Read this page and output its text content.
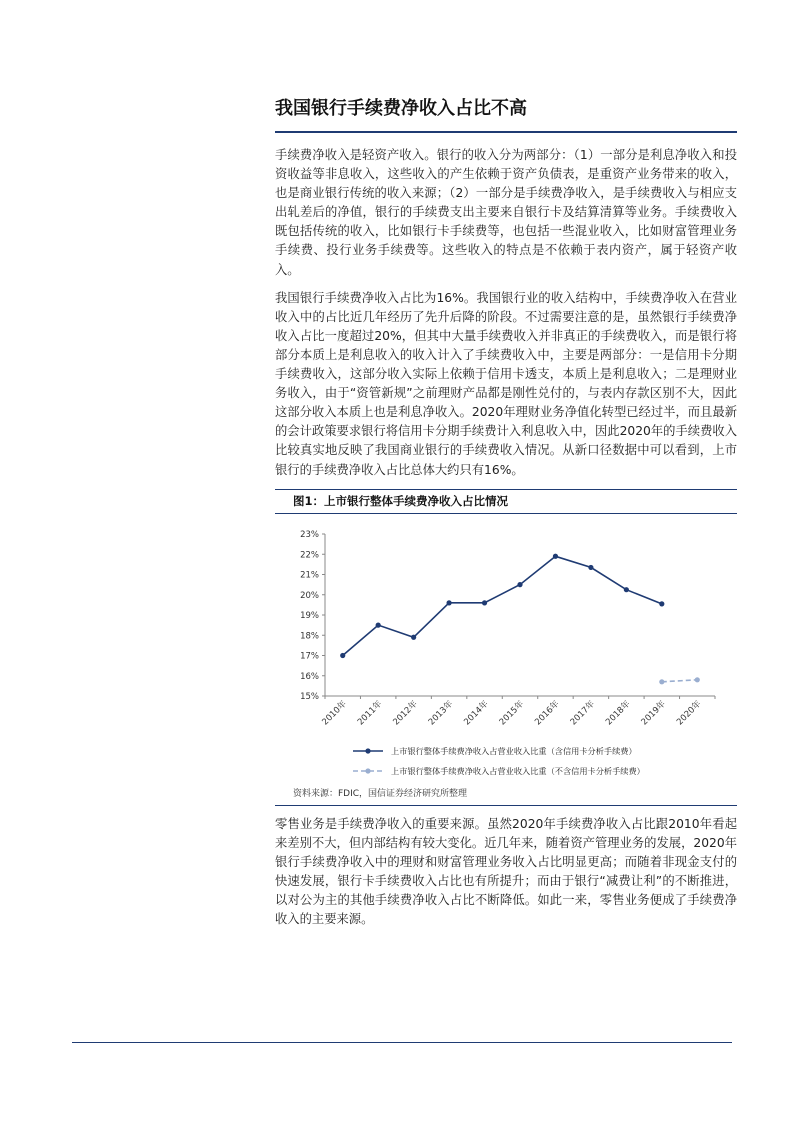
我国银行手续费净收入占比不高

手续费净收入是轻资产收入。银行的收入分为两部分：（1）一部分是利息净收入和投资收益等非息收入，这些收入的产生依赖于资产负债表，是重资产业务带来的收入，也是商业银行传统的收入来源；（2）一部分是手续费净收入，是手续费收入与相应支出轧差后的净值，银行的手续费支出主要来自银行卡及结算清算等业务。手续费收入既包括传统的收入，比如银行卡手续费等，也包括一些混业收入，比如财富管理业务手续费、投行业务手续费等。这些收入的特点是不依赖于表内资产，属于轻资产收入。

我国银行手续费净收入占比为16%。我国银行业的收入结构中，手续费净收入在营业收入中的占比近几年经历了先升后降的阶段。不过需要注意的是，虽然银行手续费净收入占比一度超过20%，但其中大量手续费收入并非真正的手续费收入，而是银行将部分本质上是利息收入的收入计入了手续费收入中，主要是两部分：一是信用卡分期手续费收入，这部分收入实际上依赖于信用卡透支，本质上是利息收入；二是理财业务收入，由于“资管新规”之前理财产品都是刚性兑付的，与表内存款区别不大，因此这部分收入本质上也是利息净收入。2020年理财业务净值化转型已经过半，而且最新的会计政策要求银行将信用卡分期手续费计入利息收入中，因此2020年的手续费收入比较真实地反映了我国商业银行的手续费收入情况。从新口径数据中可以看到，上市银行的手续费净收入占比总体大约只有16%。

图1：上市银行整体手续费净收入占比情况
15%
16%
17%
18%
19%
20%
21%
22%
23%
2010年 2011年 2012年 2013年 2014年 2015年 2016年 2017年 2018年 2019年 2020年
上市银行整体手续费净收入占营业收入比重（含信用卡分析手续费）
上市银行整体手续费净收入占营业收入比重（不含信用卡分析手续费）
资料来源：FDIC，国信证券经济研究所整理

零售业务是手续费净收入的重要来源。虽然2020年手续费净收入占比跟2010年看起来差别不大，但内部结构有较大变化。近几年来，随着资产管理业务的发展，2020年银行手续费净收入中的理财和财富管理业务收入占比明显更高；而随着非现金支付的快速发展，银行卡手续费收入占比也有所提升；而由于银行“减费让利”的不断推进，以对公为主的其他手续费净收入占比不断降低。如此一来，零售业务便成了手续费净收入的主要来源。
